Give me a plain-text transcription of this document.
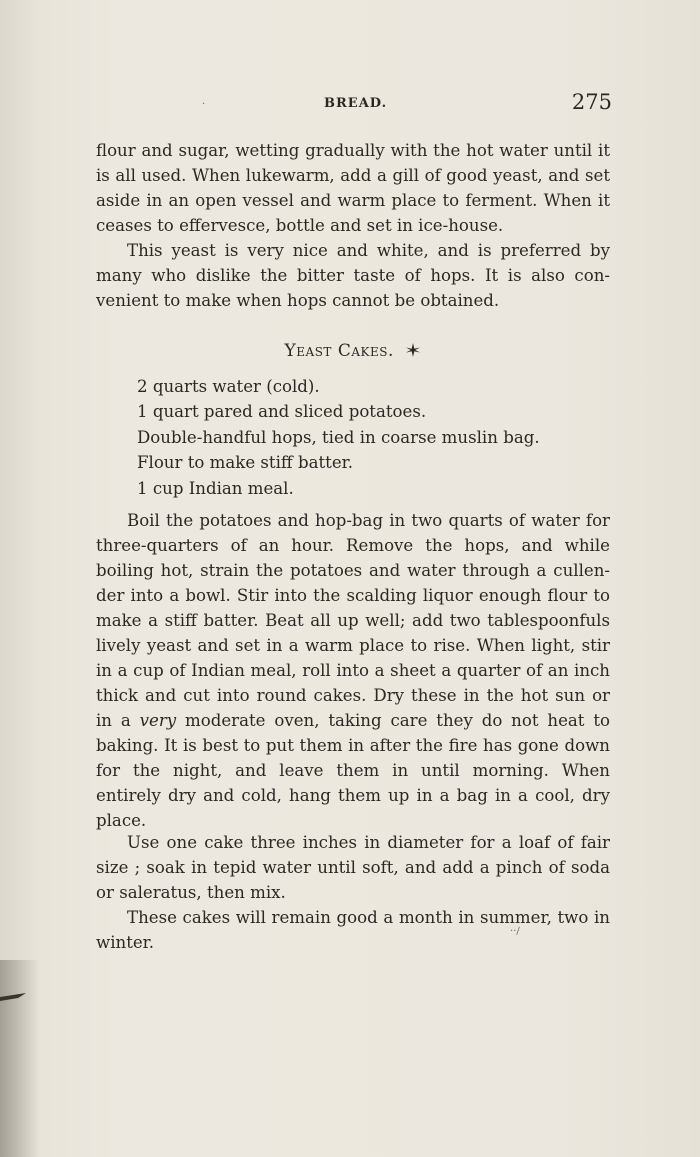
.	BREAD.	275
flour and sugar, wetting gradually with the hot water until it is all used. When lukewarm, add a gill of good yeast, and set aside in an open vessel and warm place to ferment. When it ceases to effervesce, bottle and set in ice-house.
This yeast is very nice and white, and is preferred by many who dislike the bitter taste of hops. It is also convenient to make when hops cannot be obtained.
Yeast Cakes.
2 quarts water (cold).
1 quart pared and sliced potatoes.
Double-handful hops, tied in coarse muslin bag.
Flour to make stiff batter.
1 cup Indian meal.
Boil the potatoes and hop-bag in two quarts of water for three-quarters of an hour. Remove the hops, and while boiling hot, strain the potatoes and water through a cullender into a bowl. Stir into the scalding liquor enough flour to make a stiff batter. Beat all up well; add two tablespoonfuls lively yeast and set in a warm place to rise. When light, stir in a cup of Indian meal, roll into a sheet a quarter of an inch thick and cut into round cakes. Dry these in the hot sun or in a very moderate oven, taking care they do not heat to baking. It is best to put them in after the fire has gone down for the night, and leave them in until morning. When entirely dry and cold, hang them up in a bag in a cool, dry place.
Use one cake three inches in diameter for a loaf of fair size ; soak in tepid water until soft, and add a pinch of soda or saleratus, then mix.
These cakes will remain good a month in summer, two in winter.
‧‧∕
